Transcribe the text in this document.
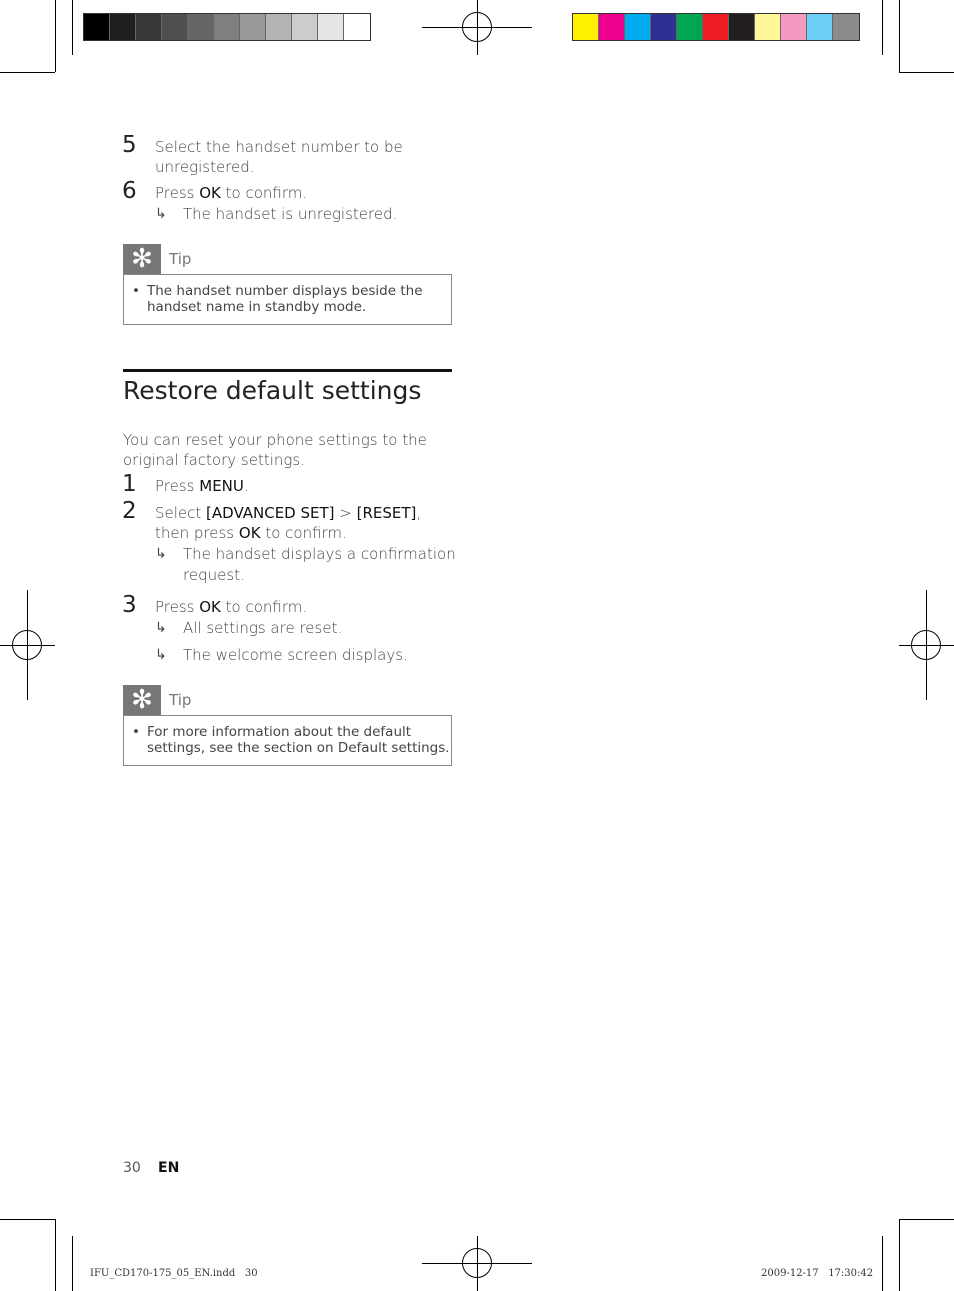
5 Select the handset number to be
unregistered.
6 Press OK to confirm.
↳ The handset is unregistered.
✻	Tip
• The handset number displays beside the
handset name in standby mode.
Restore default settings
You can reset your phone settings to the
original factory settings.
1 Press MENU.
2 Select [ADVANCED SET] > [RESET],
then press OK to confirm.
↳ The handset displays a confirmation
request.
3 Press OK to confirm.
↳ All settings are reset.
↳ The welcome screen displays.
✻	Tip
• For more information about the default
settings, see the section on Default settings.
30 EN
IFU_CD170-175_05_EN.indd   30	2009-12-17   17:30:42
